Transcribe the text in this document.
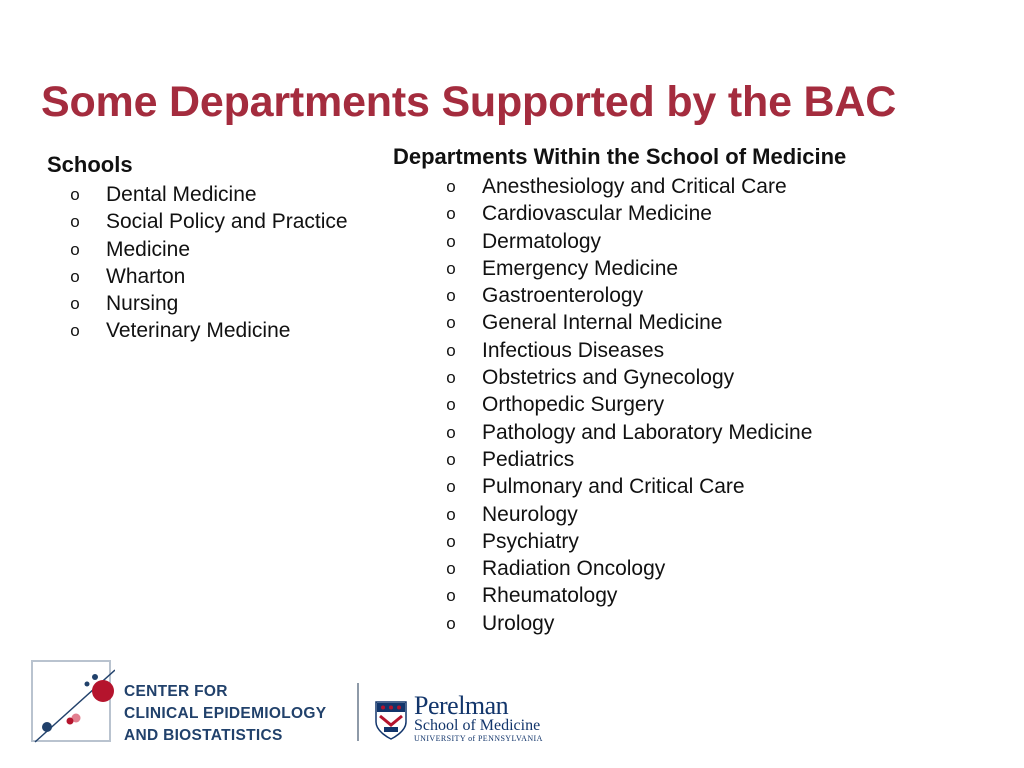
Some Departments Supported by the BAC
Schools
o	Dental Medicine
o	Social Policy and Practice
o	Medicine
o	Wharton
o	Nursing
o	Veterinary Medicine
Departments Within the School of Medicine
o	Anesthesiology and Critical Care
o	Cardiovascular Medicine
o	Dermatology
o	Emergency Medicine
o	Gastroenterology
o	General Internal Medicine
o	Infectious Diseases
o	Obstetrics and Gynecology
o	Orthopedic Surgery
o	Pathology and Laboratory Medicine
o	Pediatrics
o	Pulmonary and Critical Care
o	Neurology
o	Psychiatry
o	Radiation Oncology
o	Rheumatology
o	Urology
CENTER FOR
CLINICAL EPIDEMIOLOGY
AND BIOSTATISTICS
Perelman
School of Medicine
UNIVERSITY of PENNSYLVANIA
